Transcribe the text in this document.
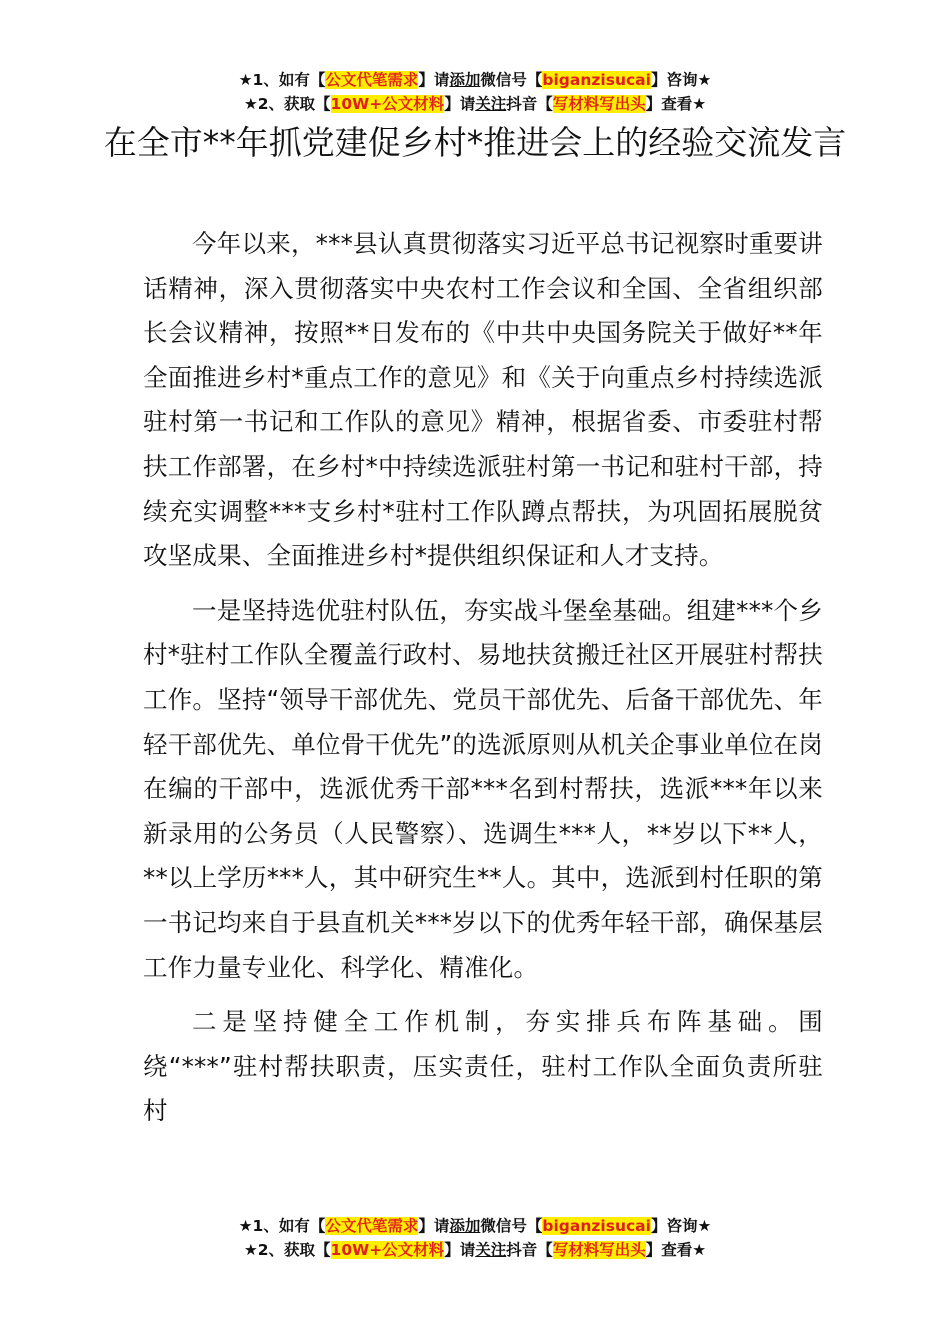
★1、如有【公文代笔需求】请添加微信号【biganzisucai】咨询★
★2、获取【10W+公文材料】请关注抖音【写材料写出头】查看★
在全市**年抓党建促乡村*推进会上的经验交流发言

今年以来，***县认真贯彻落实习近平总书记视察时重要讲话精神，深入贯彻落实中央农村工作会议和全国、全省组织部长会议精神，按照**日发布的《中共中央国务院关于做好**年全面推进乡村*重点工作的意见》和《关于向重点乡村持续选派驻村第一书记和工作队的意见》精神，根据省委、市委驻村帮扶工作部署，在乡村*中持续选派驻村第一书记和驻村干部，持续充实调整***支乡村*驻村工作队蹲点帮扶，为巩固拓展脱贫攻坚成果、全面推进乡村*提供组织保证和人才支持。

一是坚持选优驻村队伍，夯实战斗堡垒基础。组建***个乡村*驻村工作队全覆盖行政村、易地扶贫搬迁社区开展驻村帮扶工作。坚持“领导干部优先、党员干部优先、后备干部优先、年轻干部优先、单位骨干优先”的选派原则从机关企事业单位在岗在编的干部中，选派优秀干部***名到村帮扶，选派***年以来新录用的公务员（人民警察）、选调生***人，**岁以下**人，**以上学历***人，其中研究生**人。其中，选派到村任职的第一书记均来自于县直机关***岁以下的优秀年轻干部，确保基层工作力量专业化、科学化、精准化。

二是坚持健全工作机制，夯实排兵布阵基础。围绕“***”驻村帮扶职责，压实责任，驻村工作队全面负责所驻村

★1、如有【公文代笔需求】请添加微信号【biganzisucai】咨询★
★2、获取【10W+公文材料】请关注抖音【写材料写出头】查看★
